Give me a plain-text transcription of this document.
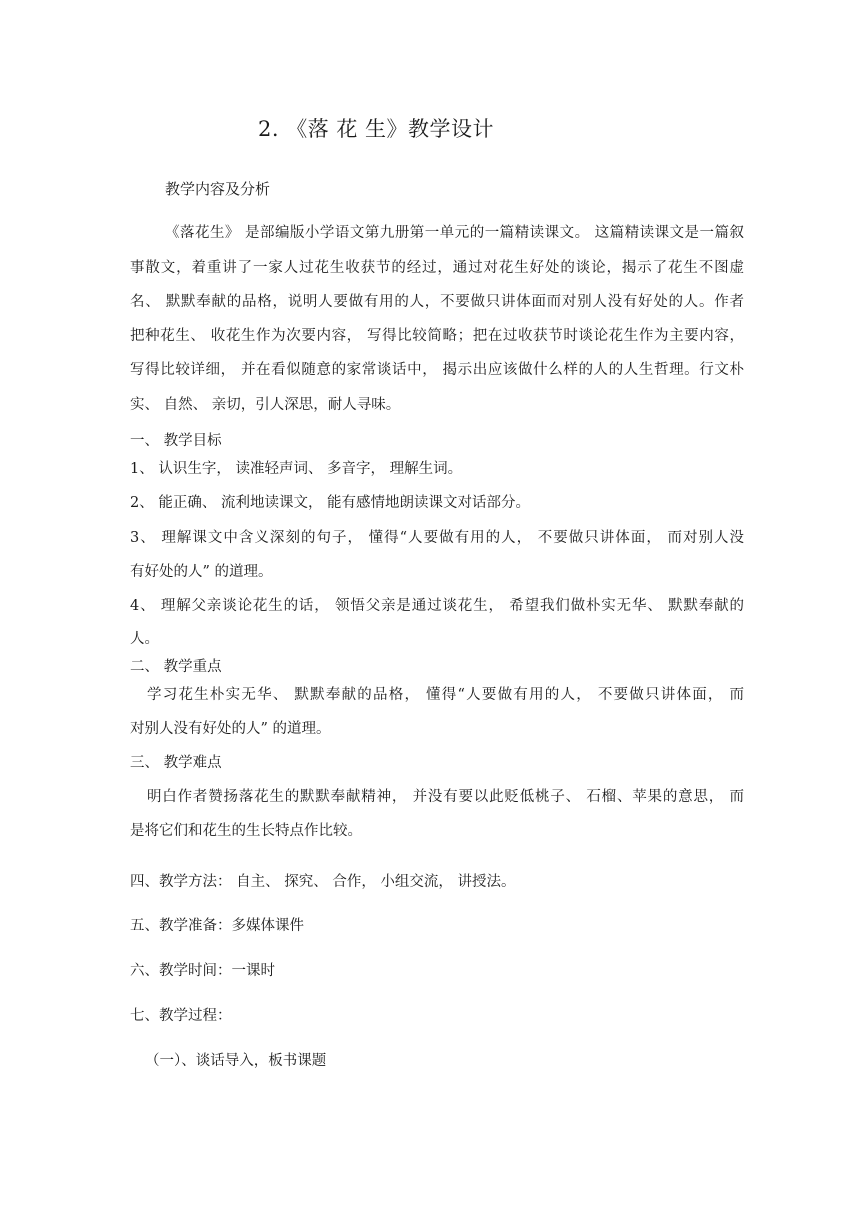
2. 《落 花 生》教学设计
教学内容及分析
《落花生》 是部编版小学语文第九册第一单元的一篇精读课文。 这篇精读课文是一篇叙
事散文，着重讲了一家人过花生收获节的经过，通过对花生好处的谈论，揭示了花生不图虚
名、 默默奉献的品格，说明人要做有用的人，不要做只讲体面而对别人没有好处的人。作者
把种花生、 收花生作为次要内容， 写得比较简略；把在过收获节时谈论花生作为主要内容，
写得比较详细， 并在看似随意的家常谈话中， 揭示出应该做什么样的人的人生哲理。行文朴
实、 自然、 亲切，引人深思，耐人寻味。
一、 教学目标
1、 认识生字， 读准轻声词、 多音字， 理解生词。
2、 能正确、 流利地读课文， 能有感情地朗读课文对话部分。
3、 理解课文中含义深刻的句子， 懂得“人要做有用的人， 不要做只讲体面， 而对别人没
有好处的人” 的道理。
4、 理解父亲谈论花生的话， 领悟父亲是通过谈花生， 希望我们做朴实无华、 默默奉献的
人。
二、 教学重点
学习花生朴实无华、 默默奉献的品格， 懂得“人要做有用的人， 不要做只讲体面， 而
对别人没有好处的人” 的道理。
三、 教学难点
明白作者赞扬落花生的默默奉献精神， 并没有要以此贬低桃子、 石榴、苹果的意思， 而
是将它们和花生的生长特点作比较。
四、教学方法： 自主、 探究、 合作， 小组交流， 讲授法。
五、教学准备：多媒体课件
六、教学时间：一课时
七、教学过程：
（一）、谈话导入，板书课题
